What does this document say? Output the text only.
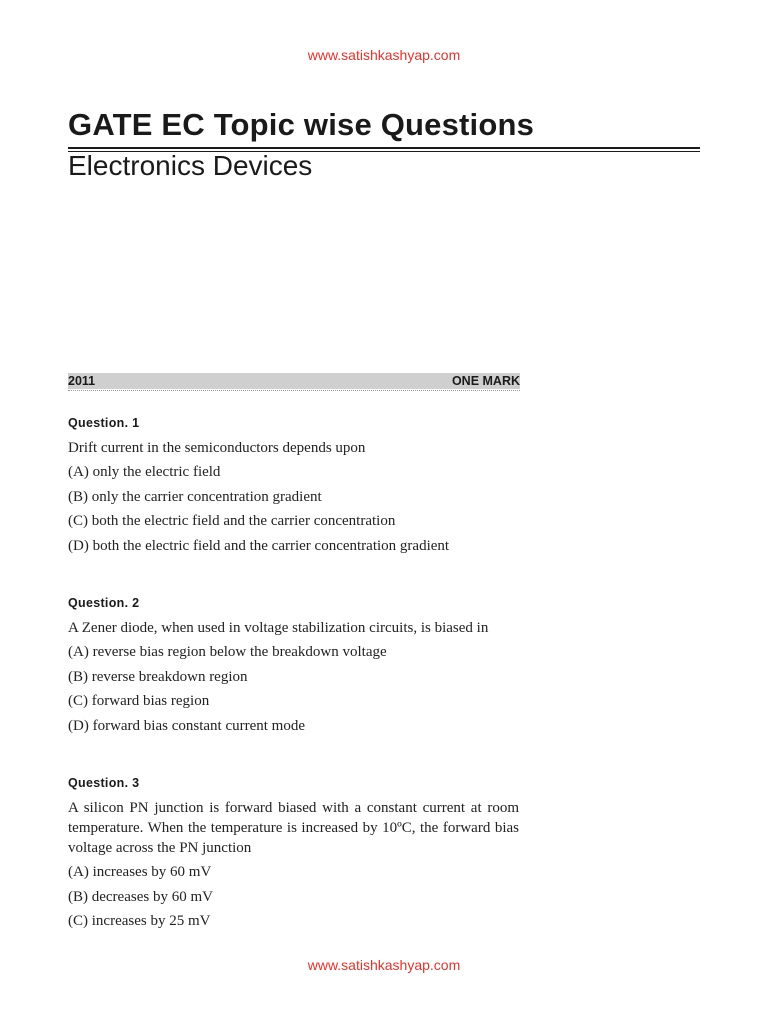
www.satishkashyap.com
GATE EC Topic wise Questions
Electronics Devices
2011	ONE MARK

Question. 1

Drift current in the semiconductors depends upon

(A) only the electric field

(B) only the carrier concentration gradient

(C) both the electric field and the carrier concentration

(D) both the electric field and the carrier concentration gradient

Question. 2

A Zener diode, when used in voltage stabilization circuits, is biased in

(A) reverse bias region below the breakdown voltage

(B) reverse breakdown region

(C) forward bias region

(D) forward bias constant current mode

Question. 3

A silicon PN junction is forward biased with a constant current at room temperature. When the temperature is increased by 10ºC, the forward bias voltage across the PN junction

(A) increases by 60 mV

(B) decreases by 60 mV

(C) increases by 25 mV

www.satishkashyap.com
